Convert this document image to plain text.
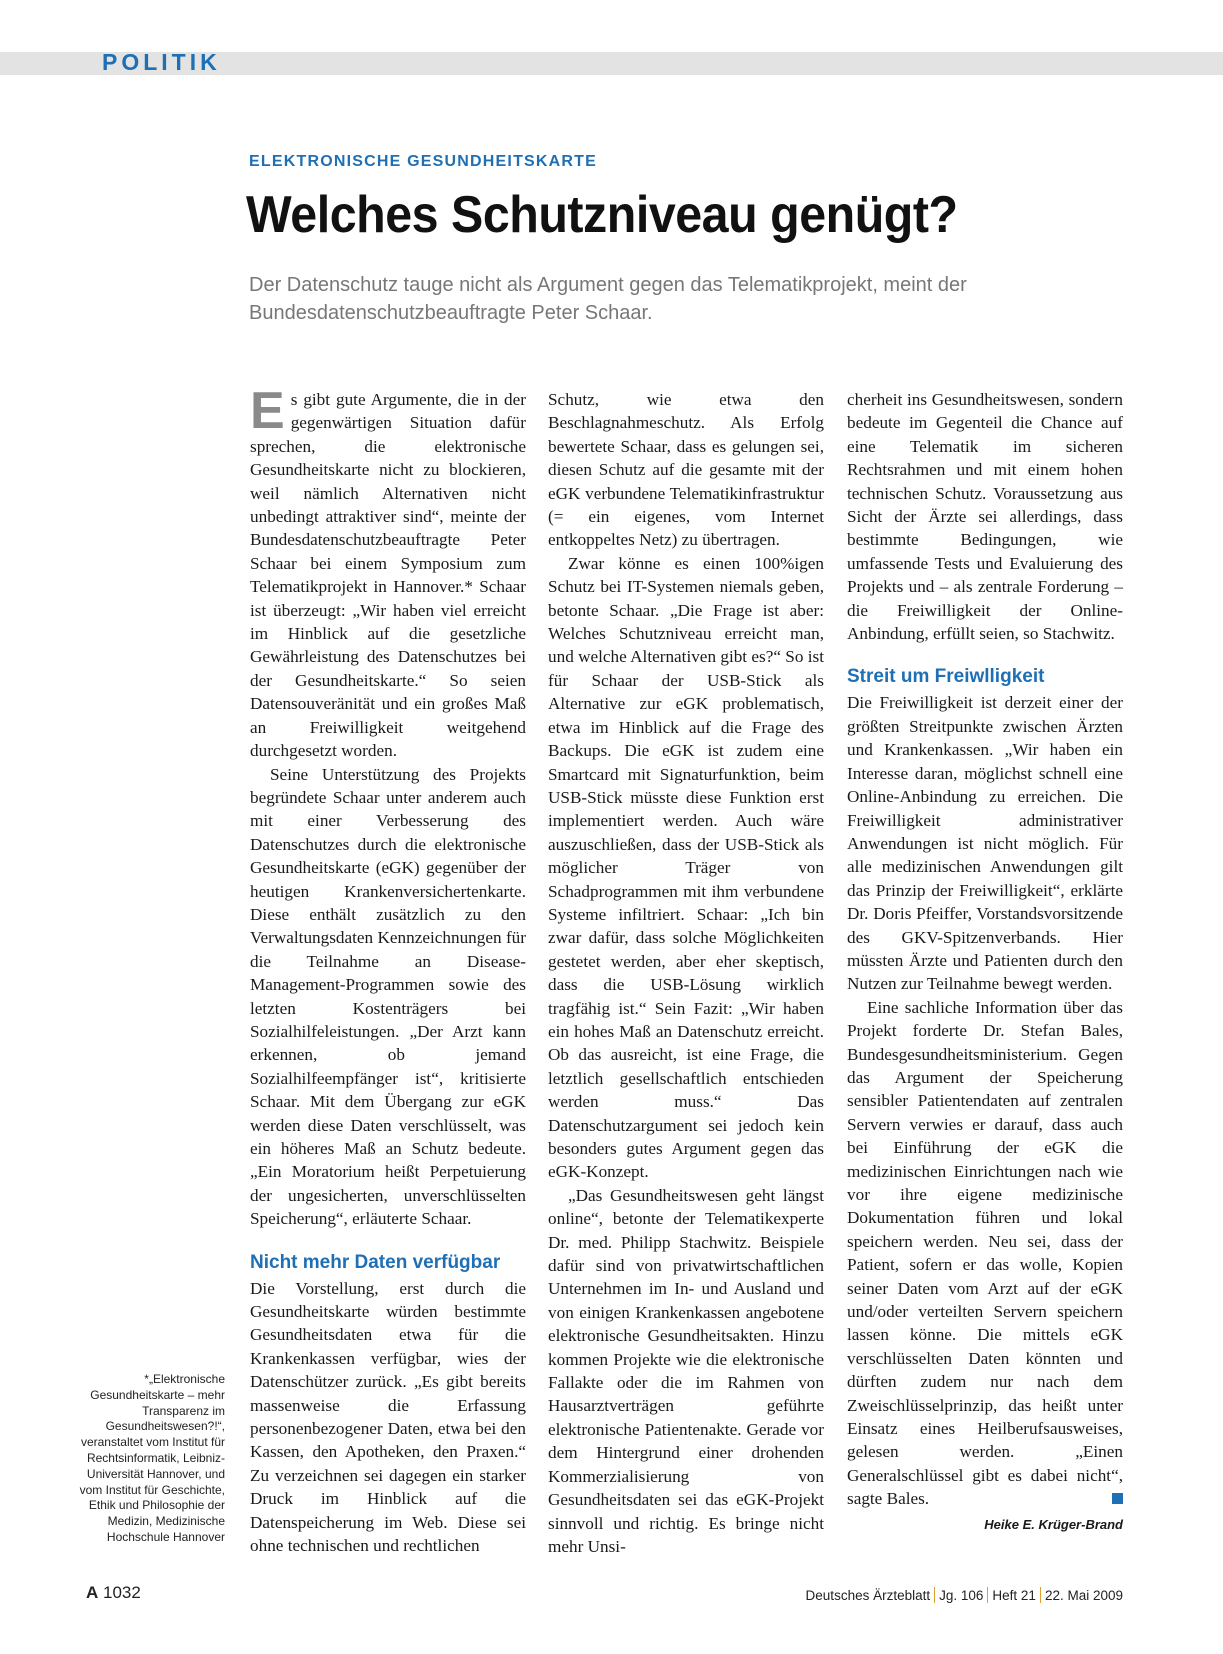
POLITIK
ELEKTRONISCHE GESUNDHEITSKARTE
Welches Schutzniveau genügt?

Der Datenschutz tauge nicht als Argument gegen das Telematikprojekt, meint der Bundesdatenschutzbeauftragte Peter Schaar.

Es gibt gute Argumente, die in der gegenwärtigen Situation dafür sprechen, die elektronische Gesundheitskarte nicht zu blockieren, weil nämlich Alternativen nicht unbedingt attraktiver sind“, meinte der Bundesdatenschutzbeauftragte Peter Schaar bei einem Symposium zum Telematikprojekt in Hannover.* Schaar ist überzeugt: „Wir haben viel erreicht im Hinblick auf die gesetzliche Gewährleistung des Datenschutzes bei der Gesundheitskarte.“ So seien Datensouveränität und ein großes Maß an Freiwilligkeit weitgehend durchgesetzt worden.

Seine Unterstützung des Projekts begründete Schaar unter anderem auch mit einer Verbesserung des Datenschutzes durch die elektronische Gesundheitskarte (eGK) gegenüber der heutigen Krankenversichertenkarte. Diese enthält zusätzlich zu den Verwaltungsdaten Kennzeichnungen für die Teilnahme an Disease-Management-Programmen sowie des letzten Kostenträgers bei Sozialhilfeleistungen. „Der Arzt kann erkennen, ob jemand Sozialhilfeempfänger ist“, kritisierte Schaar. Mit dem Übergang zur eGK werden diese Daten verschlüsselt, was ein höheres Maß an Schutz bedeute. „Ein Moratorium heißt Perpetuierung der ungesicherten, unverschlüsselten Speicherung“, erläuterte Schaar.

Nicht mehr Daten verfügbar

Die Vorstellung, erst durch die Gesundheitskarte würden bestimmte Gesundheitsdaten etwa für die Krankenkassen verfügbar, wies der Datenschützer zurück. „Es gibt bereits massenweise die Erfassung personenbezogener Daten, etwa bei den Kassen, den Apotheken, den Praxen.“ Zu verzeichnen sei dagegen ein starker Druck im Hinblick auf die Datenspeicherung im Web. Diese sei ohne technischen und rechtlichen

Schutz, wie etwa den Beschlagnahmeschutz. Als Erfolg bewertete Schaar, dass es gelungen sei, diesen Schutz auf die gesamte mit der eGK verbundene Telematikinfrastruktur (= ein eigenes, vom Internet entkoppeltes Netz) zu übertragen.

Zwar könne es einen 100%igen Schutz bei IT-Systemen niemals geben, betonte Schaar. „Die Frage ist aber: Welches Schutzniveau erreicht man, und welche Alternativen gibt es?“ So ist für Schaar der USB-Stick als Alternative zur eGK problematisch, etwa im Hinblick auf die Frage des Backups. Die eGK ist zudem eine Smartcard mit Signaturfunktion, beim USB-Stick müsste diese Funktion erst implementiert werden. Auch wäre auszuschließen, dass der USB-Stick als möglicher Träger von Schadprogrammen mit ihm verbundene Systeme infiltriert. Schaar: „Ich bin zwar dafür, dass solche Möglichkeiten gestetet werden, aber eher skeptisch, dass die USB-Lösung wirklich tragfähig ist.“ Sein Fazit: „Wir haben ein hohes Maß an Datenschutz erreicht. Ob das ausreicht, ist eine Frage, die letztlich gesellschaftlich entschieden werden muss.“ Das Datenschutzargument sei jedoch kein besonders gutes Argument gegen das eGK-Konzept.

„Das Gesundheitswesen geht längst online“, betonte der Telematikexperte Dr. med. Philipp Stachwitz. Beispiele dafür sind von privatwirtschaftlichen Unternehmen im In- und Ausland und von einigen Krankenkassen angebotene elektronische Gesundheitsakten. Hinzu kommen Projekte wie die elektronische Fallakte oder die im Rahmen von Hausarztverträgen geführte elektronische Patientenakte. Gerade vor dem Hintergrund einer drohenden Kommerzialisierung von Gesundheitsdaten sei das eGK-Projekt sinnvoll und richtig. Es bringe nicht mehr Unsi-

cherheit ins Gesundheitswesen, sondern bedeute im Gegenteil die Chance auf eine Telematik im sicheren Rechtsrahmen und mit einem hohen technischen Schutz. Voraussetzung aus Sicht der Ärzte sei allerdings, dass bestimmte Bedingungen, wie umfassende Tests und Evaluierung des Projekts und – als zentrale Forderung – die Freiwilligkeit der Online-Anbindung, erfüllt seien, so Stachwitz.

Streit um Freiwlligkeit

Die Freiwilligkeit ist derzeit einer der größten Streitpunkte zwischen Ärzten und Krankenkassen. „Wir haben ein Interesse daran, möglichst schnell eine Online-Anbindung zu erreichen. Die Freiwilligkeit administrativer Anwendungen ist nicht möglich. Für alle medizinischen Anwendungen gilt das Prinzip der Freiwilligkeit“, erklärte Dr. Doris Pfeiffer, Vorstandsvorsitzende des GKV-Spitzenverbands. Hier müssten Ärzte und Patienten durch den Nutzen zur Teilnahme bewegt werden.

Eine sachliche Information über das Projekt forderte Dr. Stefan Bales, Bundesgesundheitsministerium. Gegen das Argument der Speicherung sensibler Patientendaten auf zentralen Servern verwies er darauf, dass auch bei Einführung der eGK die medizinischen Einrichtungen nach wie vor ihre eigene medizinische Dokumentation führen und lokal speichern werden. Neu sei, dass der Patient, sofern er das wolle, Kopien seiner Daten vom Arzt auf der eGK und/oder verteilten Servern speichern lassen könne. Die mittels eGK verschlüsselten Daten könnten und dürften zudem nur nach dem Zweischlüsselprinzip, das heißt unter Einsatz eines Heilberufsausweises, gelesen werden. „Einen Generalschlüssel gibt es dabei nicht“, sagte Bales.

Heike E. Krüger-Brand

*„Elektronische Gesundheitskarte – mehr Transparenz im Gesundheitswesen?!“, veranstaltet vom Institut für Rechtsinformatik, Leibniz-Universität Hannover, und vom Institut für Geschichte, Ethik und Philosophie der Medizin, Medizinische Hochschule Hannover

A 1032	Deutsches Ärzteblatt Jg. 106 Heft 21 22. Mai 2009
